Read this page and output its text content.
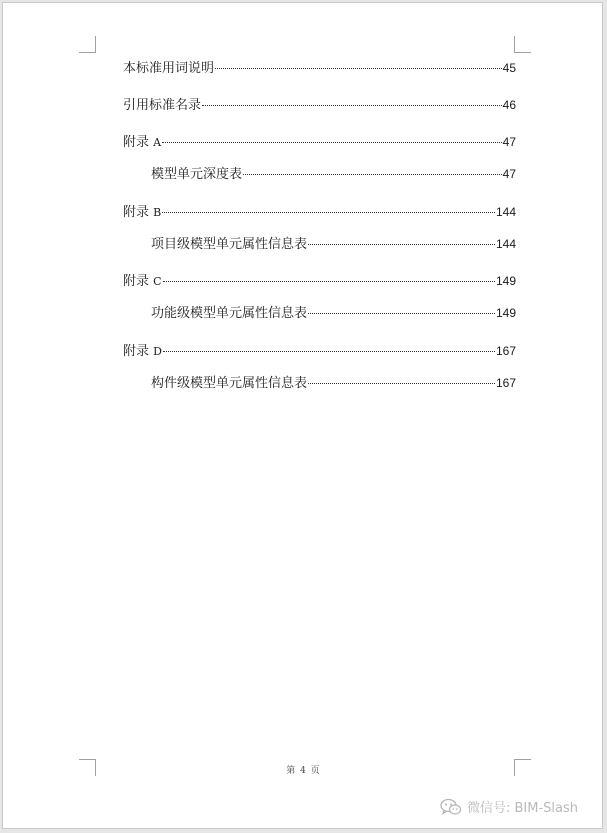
本标准用词说明	45
引用标准名录	46
附录 A	47
模型单元深度表	47
附录 B	144
项目级模型单元属性信息表	144
附录 C	149
功能级模型单元属性信息表	149
附录 D	167
构件级模型单元属性信息表	167
第 4 页
微信号: BIM-Slash
